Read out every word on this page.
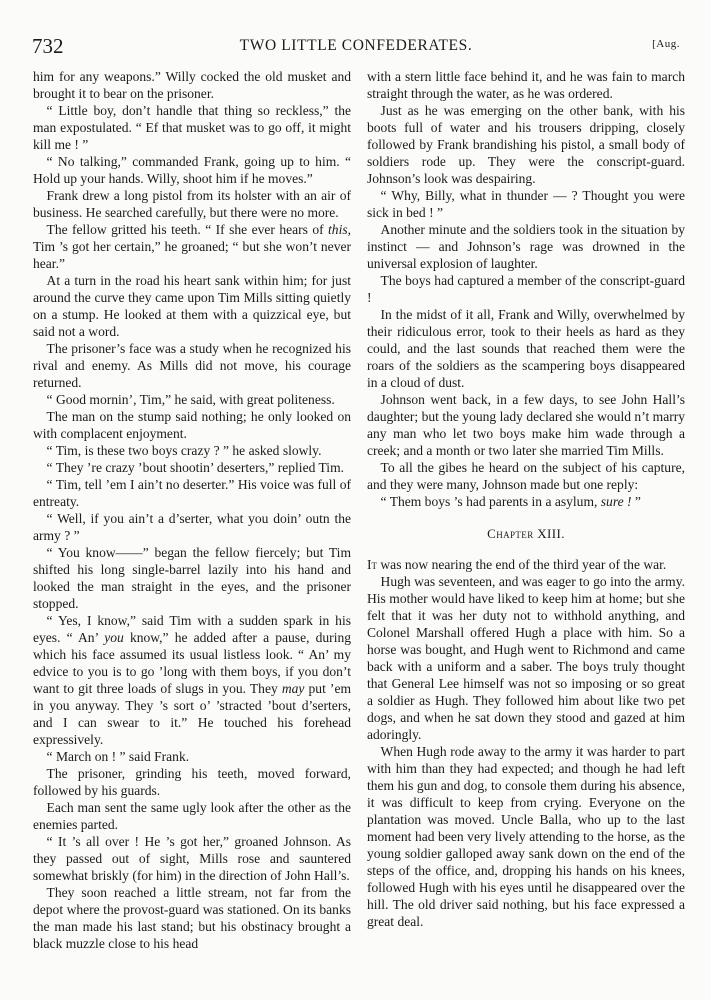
732	TWO LITTLE CONFEDERATES.	[Aug.

him for any weapons.” Willy cocked the old musket and brought it to bear on the prisoner.

“ Little boy, don’t handle that thing so reckless,” the man expostulated. “ Ef that musket was to go off, it might kill me ! ”

“ No talking,” commanded Frank, going up to him. “ Hold up your hands. Willy, shoot him if he moves.”

Frank drew a long pistol from its holster with an air of business. He searched carefully, but there were no more.

The fellow gritted his teeth. “ If she ever hears of this, Tim ’s got her certain,” he groaned; “ but she won’t never hear.”

At a turn in the road his heart sank within him; for just around the curve they came upon Tim Mills sitting quietly on a stump. He looked at them with a quizzical eye, but said not a word.

The prisoner’s face was a study when he recognized his rival and enemy. As Mills did not move, his courage returned.

“ Good mornin’, Tim,” he said, with great politeness.

The man on the stump said nothing; he only looked on with complacent enjoyment.

“ Tim, is these two boys crazy ? ” he asked slowly.

“ They ’re crazy ’bout shootin’ deserters,” replied Tim.

“ Tim, tell ’em I ain’t no deserter.” His voice was full of entreaty.

“ Well, if you ain’t a d’serter, what you doin’ outn the army ? ”

“ You know——” began the fellow fiercely; but Tim shifted his long single-barrel lazily into his hand and looked the man straight in the eyes, and the prisoner stopped.

“ Yes, I know,” said Tim with a sudden spark in his eyes. “ An’ you know,” he added after a pause, during which his face assumed its usual listless look. “ An’ my edvice to you is to go ’long with them boys, if you don’t want to git three loads of slugs in you. They may put ’em in you anyway. They ’s sort o’ ’stracted ’bout d’serters, and I can swear to it.” He touched his forehead expressively.

“ March on ! ” said Frank.

The prisoner, grinding his teeth, moved forward, followed by his guards.

Each man sent the same ugly look after the other as the enemies parted.

“ It ’s all over ! He ’s got her,” groaned Johnson. As they passed out of sight, Mills rose and sauntered somewhat briskly (for him) in the direction of John Hall’s.

They soon reached a little stream, not far from the depot where the provost-guard was stationed. On its banks the man made his last stand; but his obstinacy brought a black muzzle close to his head

with a stern little face behind it, and he was fain to march straight through the water, as he was ordered.

Just as he was emerging on the other bank, with his boots full of water and his trousers dripping, closely followed by Frank brandishing his pistol, a small body of soldiers rode up. They were the conscript-guard. Johnson’s look was despairing.

“ Why, Billy, what in thunder — ? Thought you were sick in bed ! ”

Another minute and the soldiers took in the situation by instinct — and Johnson’s rage was drowned in the universal explosion of laughter.

The boys had captured a member of the conscript-guard !

In the midst of it all, Frank and Willy, overwhelmed by their ridiculous error, took to their heels as hard as they could, and the last sounds that reached them were the roars of the soldiers as the scampering boys disappeared in a cloud of dust.

Johnson went back, in a few days, to see John Hall’s daughter; but the young lady declared she would n’t marry any man who let two boys make him wade through a creek; and a month or two later she married Tim Mills.

To all the gibes he heard on the subject of his capture, and they were many, Johnson made but one reply:

“ Them boys ’s had parents in a asylum, sure ! ”

Chapter XIII.

It was now nearing the end of the third year of the war.

Hugh was seventeen, and was eager to go into the army. His mother would have liked to keep him at home; but she felt that it was her duty not to withhold anything, and Colonel Marshall offered Hugh a place with him. So a horse was bought, and Hugh went to Richmond and came back with a uniform and a saber. The boys truly thought that General Lee himself was not so imposing or so great a soldier as Hugh. They followed him about like two pet dogs, and when he sat down they stood and gazed at him adoringly.

When Hugh rode away to the army it was harder to part with him than they had expected; and though he had left them his gun and dog, to console them during his absence, it was difficult to keep from crying. Everyone on the plantation was moved. Uncle Balla, who up to the last moment had been very lively attending to the horse, as the young soldier galloped away sank down on the end of the steps of the office, and, dropping his hands on his knees, followed Hugh with his eyes until he disappeared over the hill. The old driver said nothing, but his face expressed a great deal.
